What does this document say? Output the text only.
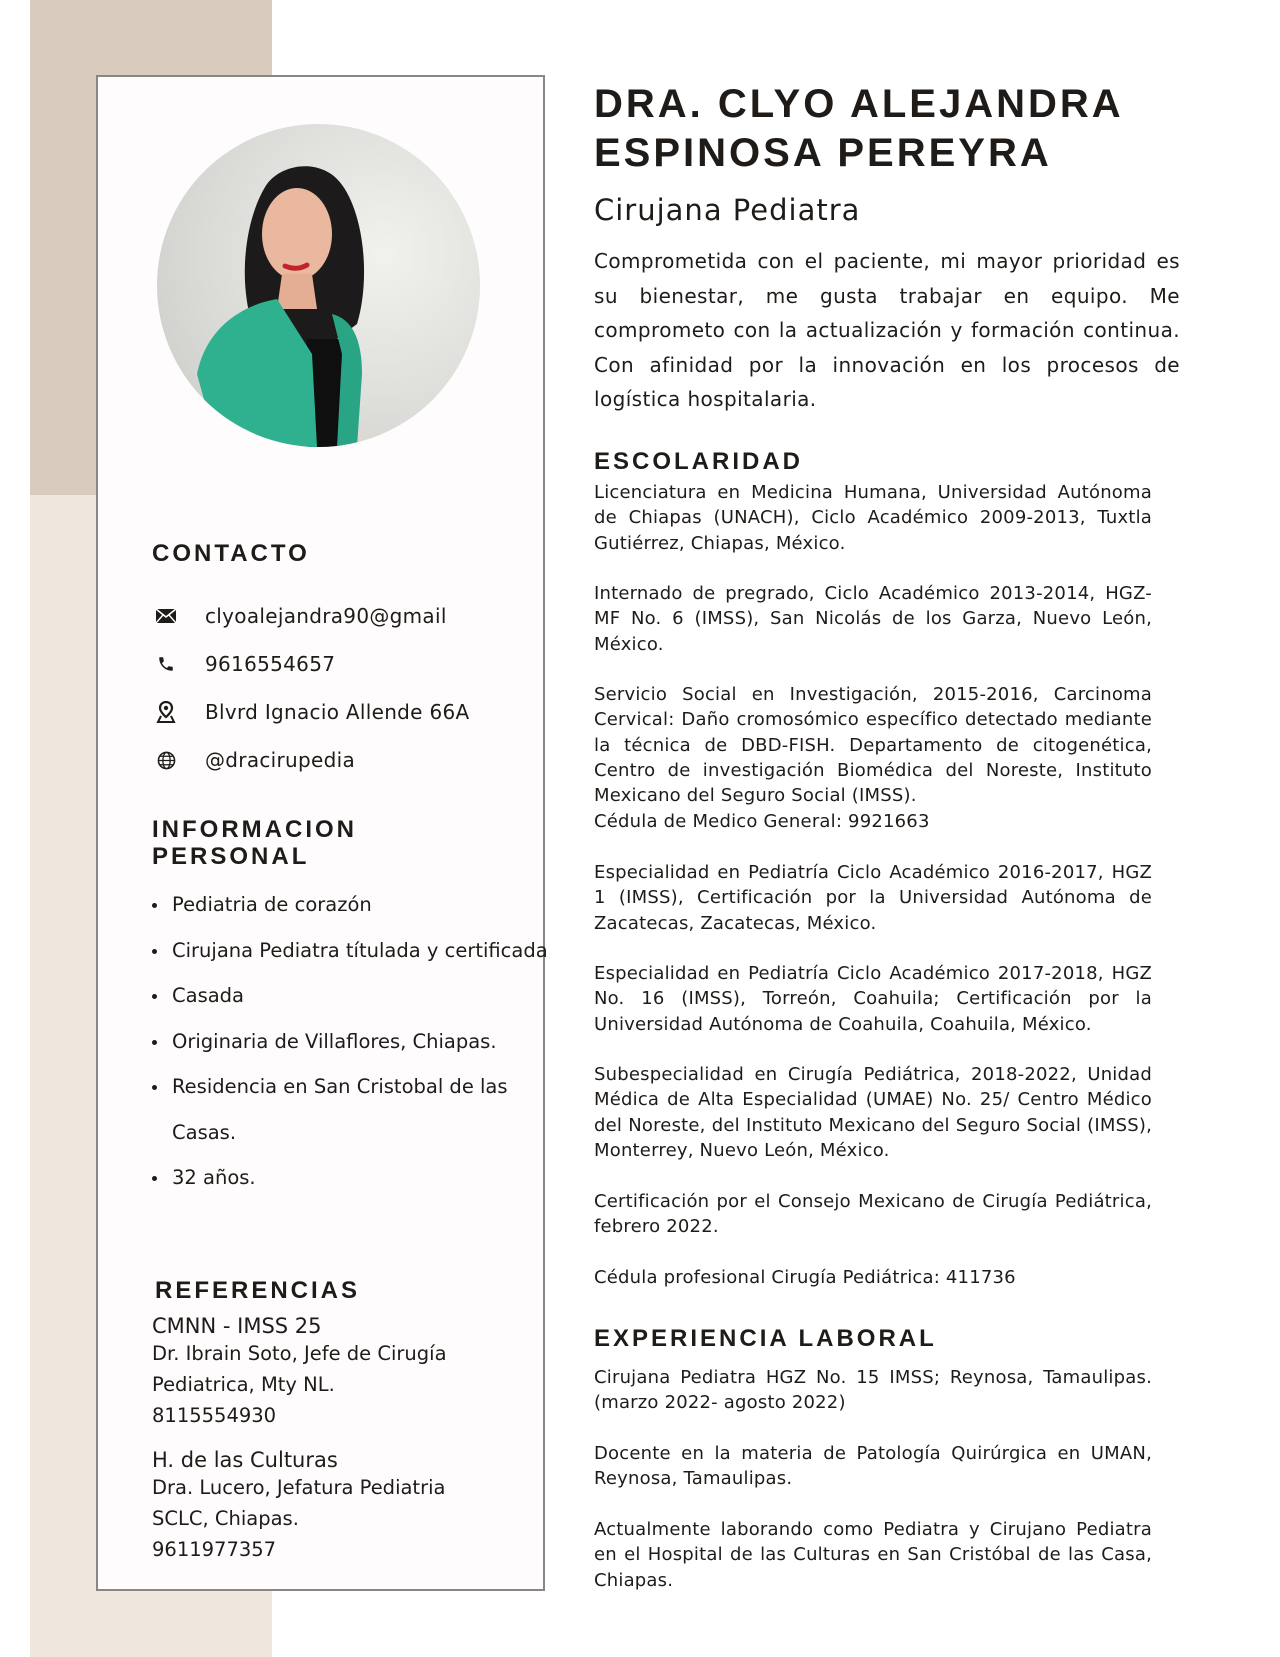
CONTACTO
clyoalejandra90@gmail
9616554657
Blvrd Ignacio Allende 66A
@dracirupedia
INFORMACION
PERSONAL
Pediatria de corazón
Cirujana Pediatra títulada y certificada
Casada
Originaria de Villaflores, Chiapas.
Residencia en San Cristobal de las Casas.
32 años.
REFERENCIAS
CMNN - IMSS 25
Dr. Ibrain Soto, Jefe de Cirugía
Pediatrica, Mty NL.
8115554930
H. de las Culturas
Dra. Lucero, Jefatura Pediatria
SCLC, Chiapas.
9611977357
DRA. CLYO ALEJANDRA ESPINOSA PEREYRA
Cirujana Pediatra

Comprometida con el paciente, mi mayor prioridad es su bienestar, me gusta trabajar en equipo. Me comprometo con la actualización y formación continua. Con afinidad por la innovación en los procesos de logística hospitalaria.

ESCOLARIDAD

Licenciatura en Medicina Humana, Universidad Autónoma de Chiapas (UNACH), Ciclo Académico 2009-2013, Tuxtla Gutiérrez, Chiapas, México.

Internado de pregrado, Ciclo Académico 2013-2014, HGZ-MF No. 6 (IMSS), San Nicolás de los Garza, Nuevo León, México.

Servicio Social en Investigación, 2015-2016, Carcinoma Cervical: Daño cromosómico específico detectado mediante la técnica de DBD-FISH. Departamento de citogenética, Centro de investigación Biomédica del Noreste, Instituto Mexicano del Seguro Social (IMSS).

Cédula de Medico General: 9921663

Especialidad en Pediatría Ciclo Académico 2016-2017, HGZ 1 (IMSS), Certificación por la Universidad Autónoma de Zacatecas, Zacatecas, México.

Especialidad en Pediatría Ciclo Académico 2017-2018, HGZ No. 16 (IMSS), Torreón, Coahuila; Certificación por la Universidad Autónoma de Coahuila, Coahuila, México.

Subespecialidad en Cirugía Pediátrica, 2018-2022, Unidad Médica de Alta Especialidad (UMAE) No. 25/ Centro Médico del Noreste, del Instituto Mexicano del Seguro Social (IMSS), Monterrey, Nuevo León, México.

Certificación por el Consejo Mexicano de Cirugía Pediátrica, febrero 2022.

Cédula profesional Cirugía Pediátrica: 411736

EXPERIENCIA LABORAL

Cirujana Pediatra HGZ No. 15 IMSS; Reynosa, Tamaulipas. (marzo 2022- agosto 2022)

Docente en la materia de Patología Quirúrgica en UMAN, Reynosa, Tamaulipas.

Actualmente laborando como Pediatra y Cirujano Pediatra en el Hospital de las Culturas en San Cristóbal de las Casa, Chiapas.
